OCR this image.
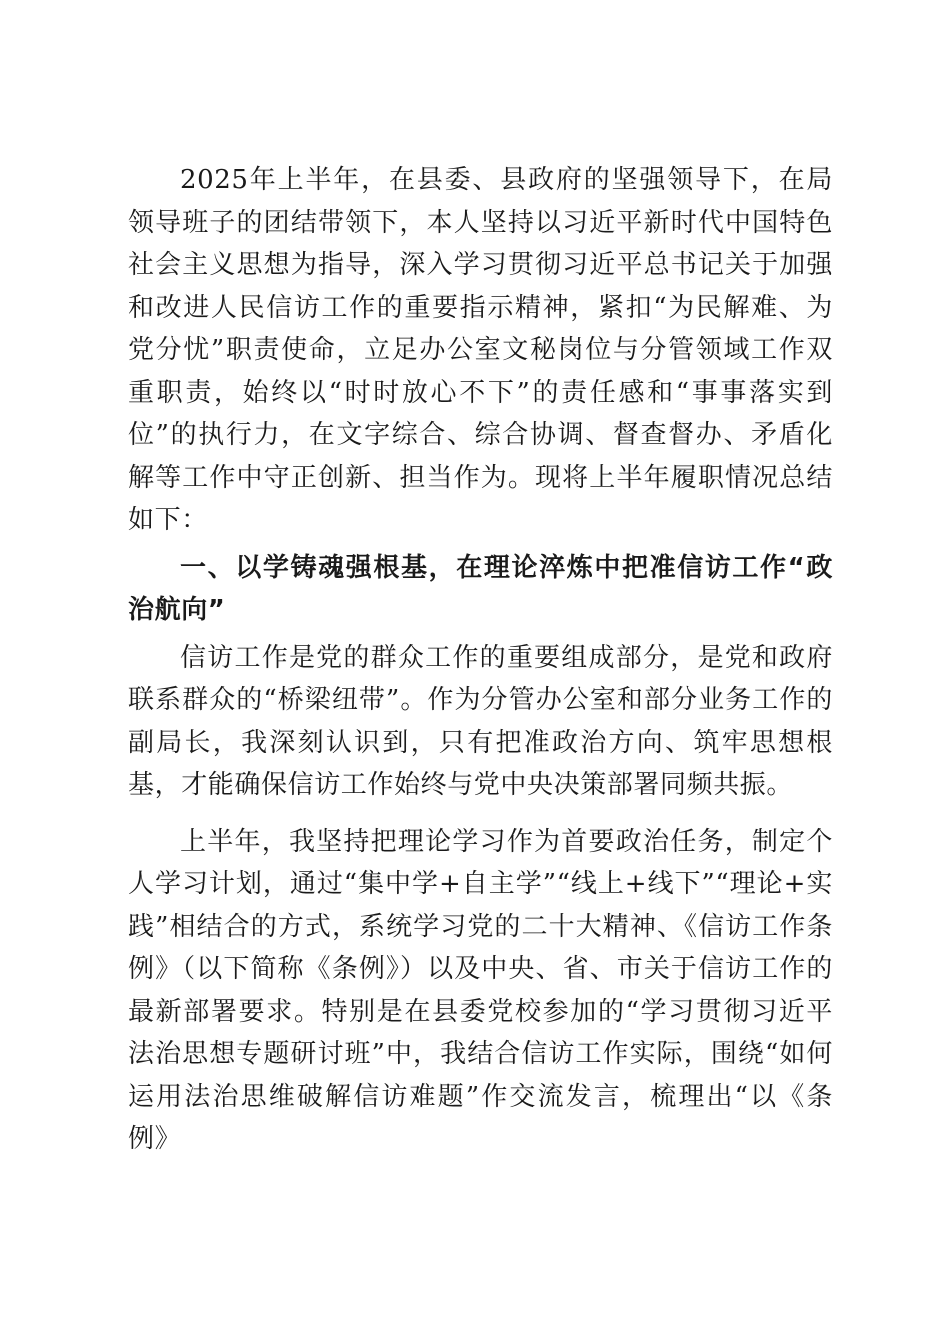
2025年上半年，在县委、县政府的坚强领导下，在局领导班子的团结带领下，本人坚持以习近平新时代中国特色社会主义思想为指导，深入学习贯彻习近平总书记关于加强和改进人民信访工作的重要指示精神，紧扣“为民解难、为党分忧”职责使命，立足办公室文秘岗位与分管领域工作双重职责，始终以“时时放心不下”的责任感和“事事落实到位”的执行力，在文字综合、综合协调、督查督办、矛盾化解等工作中守正创新、担当作为。现将上半年履职情况总结如下：

一、以学铸魂强根基，在理论淬炼中把准信访工作“政治航向”

信访工作是党的群众工作的重要组成部分，是党和政府联系群众的“桥梁纽带”。作为分管办公室和部分业务工作的副局长，我深刻认识到，只有把准政治方向、筑牢思想根基，才能确保信访工作始终与党中央决策部署同频共振。

上半年，我坚持把理论学习作为首要政治任务，制定个人学习计划，通过“集中学+自主学”“线上+线下”“理论+实践”相结合的方式，系统学习党的二十大精神、《信访工作条例》（以下简称《条例》）以及中央、省、市关于信访工作的最新部署要求。特别是在县委党校参加的“学习贯彻习近平法治思想专题研讨班”中，我结合信访工作实际，围绕“如何运用法治思维破解信访难题”作交流发言，梳理出“以《条例》
